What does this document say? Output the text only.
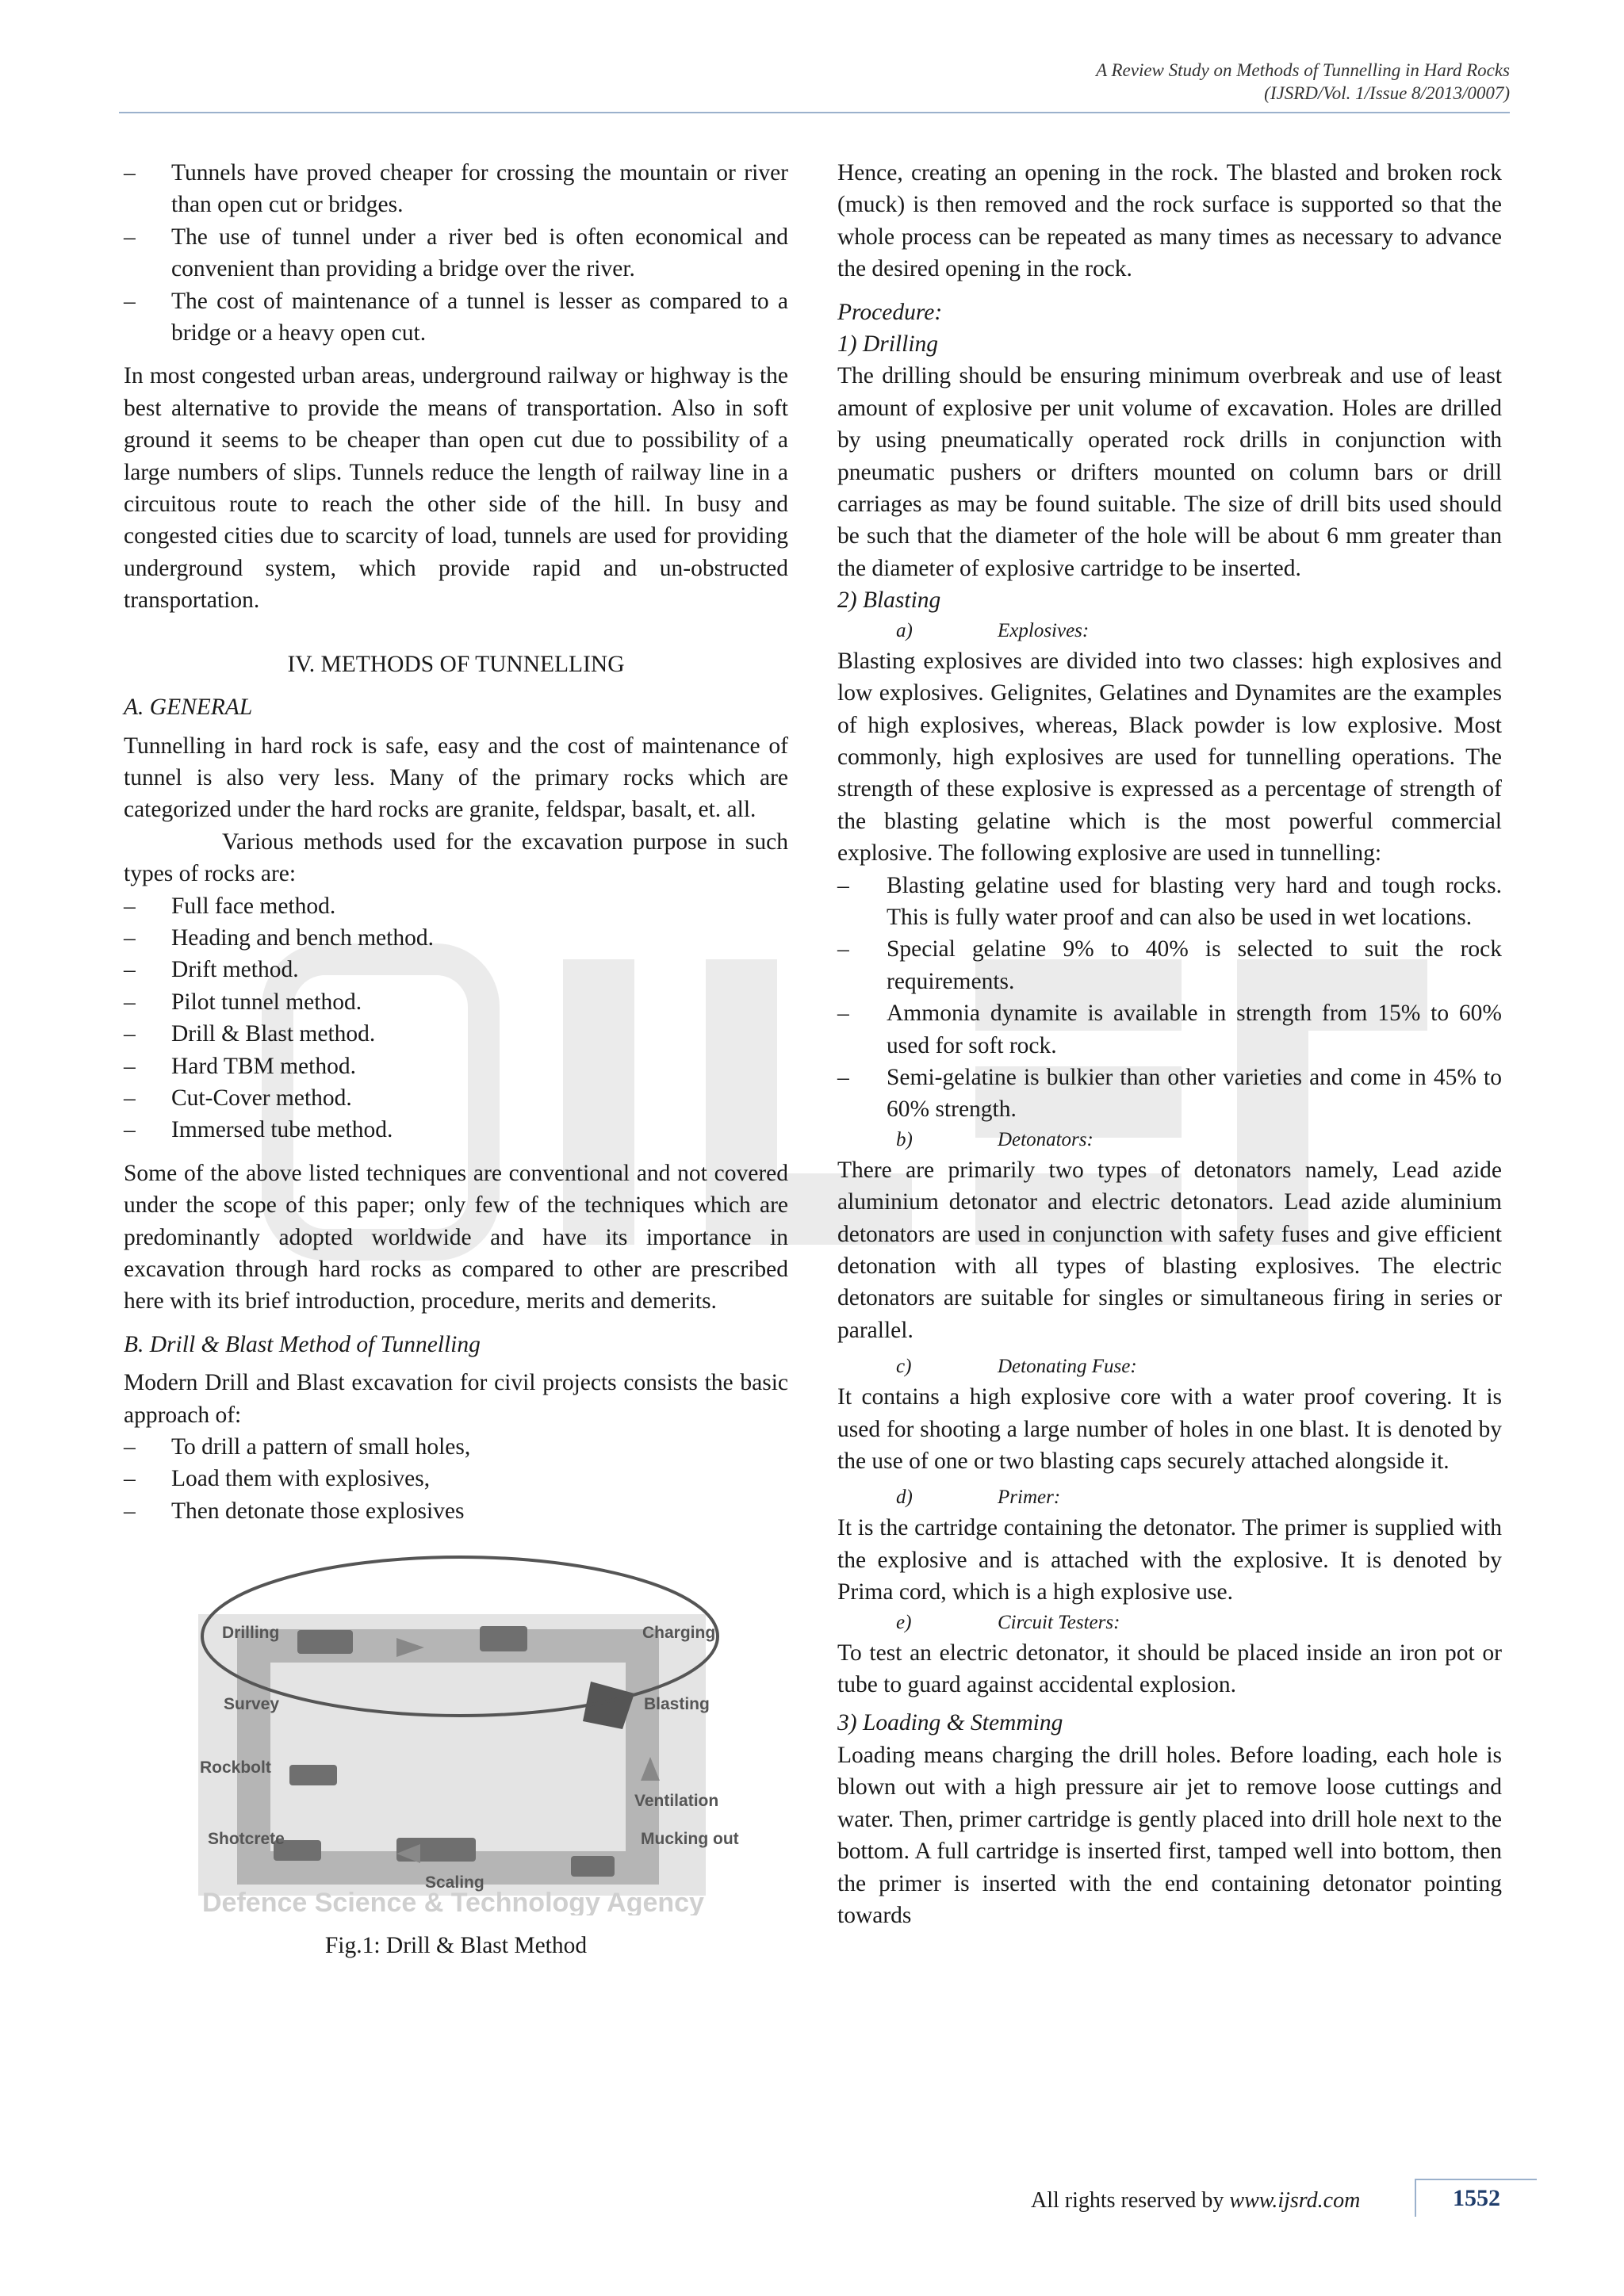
A Review Study on Methods of Tunnelling in Hard Rocks
(IJSRD/Vol. 1/Issue 8/2013/0007)
– Tunnels have proved cheaper for crossing the mountain or river than open cut or bridges.
– The use of tunnel under a river bed is often economical and convenient than providing a bridge over the river.
– The cost of maintenance of a tunnel is lesser as compared to a bridge or a heavy open cut.

In most congested urban areas, underground railway or highway is the best alternative to provide the means of transportation. Also in soft ground it seems to be cheaper than open cut due to possibility of a large numbers of slips. Tunnels reduce the length of railway line in a circuitous route to reach the other side of the hill. In busy and congested cities due to scarcity of load, tunnels are used for providing underground system, which provide rapid and un-obstructed transportation.

IV. METHODS OF TUNNELLING
A. GENERAL

Tunnelling in hard rock is safe, easy and the cost of maintenance of tunnel is also very less. Many of the primary rocks which are categorized under the hard rocks are granite, feldspar, basalt, et. all.

Various methods used for the excavation purpose in such types of rocks are:

– Full face method.
– Heading and bench method.
– Drift method.
– Pilot tunnel method.
– Drill & Blast method.
– Hard TBM method.
– Cut-Cover method.
– Immersed tube method.

Some of the above listed techniques are conventional and not covered under the scope of this paper; only few of the techniques which are predominantly adopted worldwide and have its importance in excavation through hard rocks as compared to other are prescribed here with its brief introduction, procedure, merits and demerits.

B. Drill & Blast Method of Tunnelling

Modern Drill and Blast excavation for civil projects consists the basic approach of:

– To drill a pattern of small holes,
– Load them with explosives,
– Then detonate those explosives
Drilling	Charging
Survey	Blasting
Rockbolt
Ventilation
Shotcrete	Mucking out
Scaling
Defence Science & Technology Agency
Fig.1: Drill & Blast Method

Hence, creating an opening in the rock. The blasted and broken rock (muck) is then removed and the rock surface is supported so that the whole process can be repeated as many times as necessary to advance the desired opening in the rock.

Procedure:
1) Drilling

The drilling should be ensuring minimum overbreak and use of least amount of explosive per unit volume of excavation. Holes are drilled by using pneumatically operated rock drills in conjunction with pneumatic pushers or drifters mounted on column bars or drill carriages as may be found suitable. The size of drill bits used should be such that the diameter of the hole will be about 6 mm greater than the diameter of explosive cartridge to be inserted.

2) Blasting
a)	Explosives:

Blasting explosives are divided into two classes: high explosives and low explosives. Gelignites, Gelatines and Dynamites are the examples of high explosives, whereas, Black powder is low explosive. Most commonly, high explosives are used for tunnelling operations. The strength of these explosive is expressed as a percentage of strength of the blasting gelatine which is the most powerful commercial explosive. The following explosive are used in tunnelling:

– Blasting gelatine used for blasting very hard and tough rocks. This is fully water proof and can also be used in wet locations.
– Special gelatine 9% to 40% is selected to suit the rock requirements.
– Ammonia dynamite is available in strength from 15% to 60% used for soft rock.
– Semi-gelatine is bulkier than other varieties and come in 45% to 60% strength.
b)	Detonators:

There are primarily two types of detonators namely, Lead azide aluminium detonator and electric detonators. Lead azide aluminium detonators are used in conjunction with safety fuses and give efficient detonation with all types of blasting explosives. The electric detonators are suitable for singles or simultaneous firing in series or parallel.

c)	Detonating Fuse:

It contains a high explosive core with a water proof covering. It is used for shooting a large number of holes in one blast. It is denoted by the use of one or two blasting caps securely attached alongside it.

d)	Primer:

It is the cartridge containing the detonator. The primer is supplied with the explosive and is attached with the explosive. It is denoted by Prima cord, which is a high explosive use.

e)	Circuit Testers:

To test an electric detonator, it should be placed inside an iron pot or tube to guard against accidental explosion.

3) Loading & Stemming

Loading means charging the drill holes. Before loading, each hole is blown out with a high pressure air jet to remove loose cuttings and water. Then, primer cartridge is gently placed into drill hole next to the bottom. A full cartridge is inserted first, tamped well into bottom, then the primer is inserted with the end containing detonator pointing towards

All rights reserved by www.ijsrd.com	1552
